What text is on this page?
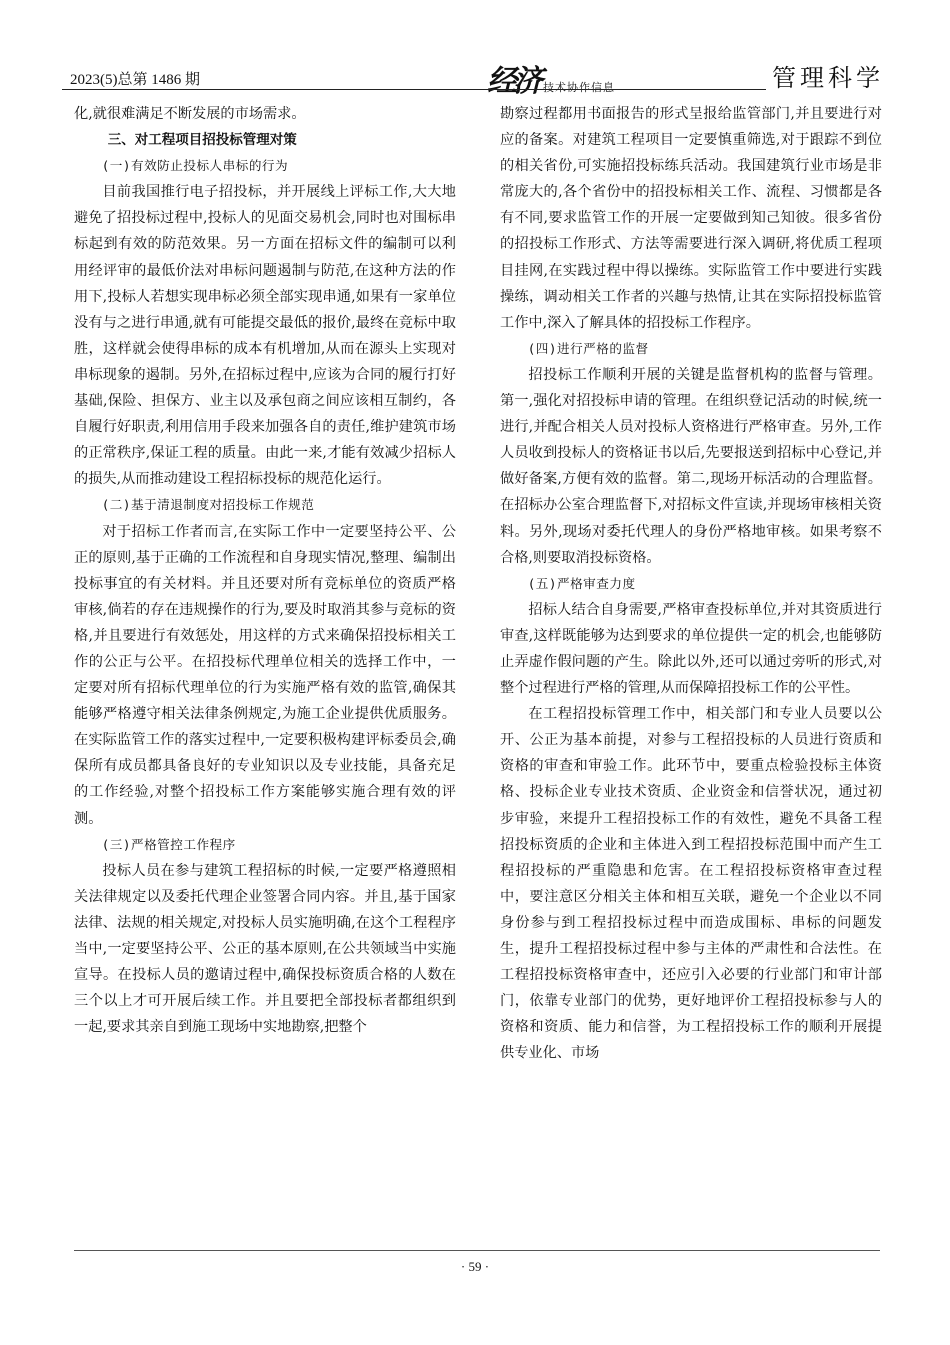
2023(5)总第 1486 期	经济 技术协作信息	管理科学

化,就很难满足不断发展的市场需求。

三、对工程项目招投标管理对策

(一)有效防止投标人串标的行为

目前我国推行电子招投标，并开展线上评标工作,大大地避免了招投标过程中,投标人的见面交易机会,同时也对围标串标起到有效的防范效果。另一方面在招标文件的编制可以利用经评审的最低价法对串标问题遏制与防范,在这种方法的作用下,投标人若想实现串标必须全部实现串通,如果有一家单位没有与之进行串通,就有可能提交最低的报价,最终在竞标中取胜，这样就会使得串标的成本有机增加,从而在源头上实现对串标现象的遏制。另外,在招标过程中,应该为合同的履行打好基础,保险、担保方、业主以及承包商之间应该相互制约，各自履行好职责,利用信用手段来加强各自的责任,维护建筑市场的正常秩序,保证工程的质量。由此一来,才能有效减少招标人的损失,从而推动建设工程招标投标的规范化运行。

(二)基于清退制度对招投标工作规范

对于招标工作者而言,在实际工作中一定要坚持公平、公正的原则,基于正确的工作流程和自身现实情况,整理、编制出投标事宜的有关材料。并且还要对所有竞标单位的资质严格审核,倘若的存在违规操作的行为,要及时取消其参与竞标的资格,并且要进行有效惩处，用这样的方式来确保招投标相关工作的公正与公平。在招投标代理单位相关的选择工作中，一定要对所有招标代理单位的行为实施严格有效的监管,确保其能够严格遵守相关法律条例规定,为施工企业提供优质服务。在实际监管工作的落实过程中,一定要积极构建评标委员会,确保所有成员都具备良好的专业知识以及专业技能，具备充足的工作经验,对整个招投标工作方案能够实施合理有效的评测。

(三)严格管控工作程序

投标人员在参与建筑工程招标的时候,一定要严格遵照相关法律规定以及委托代理企业签署合同内容。并且,基于国家法律、法规的相关规定,对投标人员实施明确,在这个工程程序当中,一定要坚持公平、公正的基本原则,在公共领域当中实施宣导。在投标人员的邀请过程中,确保投标资质合格的人数在三个以上才可开展后续工作。并且要把全部投标者都组织到一起,要求其亲自到施工现场中实地勘察,把整个

勘察过程都用书面报告的形式呈报给监管部门,并且要进行对应的备案。对建筑工程项目一定要慎重筛选,对于跟踪不到位的相关省份,可实施招投标练兵活动。我国建筑行业市场是非常庞大的,各个省份中的招投标相关工作、流程、习惯都是各有不同,要求监管工作的开展一定要做到知己知彼。很多省份的招投标工作形式、方法等需要进行深入调研,将优质工程项目挂网,在实践过程中得以操练。实际监管工作中要进行实践操练，调动相关工作者的兴趣与热情,让其在实际招投标监管工作中,深入了解具体的招投标工作程序。

(四)进行严格的监督

招投标工作顺利开展的关键是监督机构的监督与管理。第一,强化对招投标申请的管理。在组织登记活动的时候,统一进行,并配合相关人员对投标人资格进行严格审查。另外,工作人员收到投标人的资格证书以后,先要报送到招标中心登记,并做好备案,方便有效的监督。第二,现场开标活动的合理监督。在招标办公室合理监督下,对招标文件宣读,并现场审核相关资料。另外,现场对委托代理人的身份严格地审核。如果考察不合格,则要取消投标资格。

(五)严格审查力度

招标人结合自身需要,严格审查投标单位,并对其资质进行审查,这样既能够为达到要求的单位提供一定的机会,也能够防止弄虚作假问题的产生。除此以外,还可以通过旁听的形式,对整个过程进行严格的管理,从而保障招投标工作的公平性。

在工程招投标管理工作中，相关部门和专业人员要以公开、公正为基本前提，对参与工程招投标的人员进行资质和资格的审查和审验工作。此环节中，要重点检验投标主体资格、投标企业专业技术资质、企业资金和信誉状况，通过初步审验，来提升工程招投标工作的有效性，避免不具备工程招投标资质的企业和主体进入到工程招投标范围中而产生工程招投标的严重隐患和危害。在工程招投标资格审查过程中，要注意区分相关主体和相互关联，避免一个企业以不同身份参与到工程招投标过程中而造成围标、串标的问题发生，提升工程招投标过程中参与主体的严肃性和合法性。在工程招投标资格审查中，还应引入必要的行业部门和审计部门，依靠专业部门的优势，更好地评价工程招投标参与人的资格和资质、能力和信誉，为工程招投标工作的顺利开展提供专业化、市场

· 59 ·
